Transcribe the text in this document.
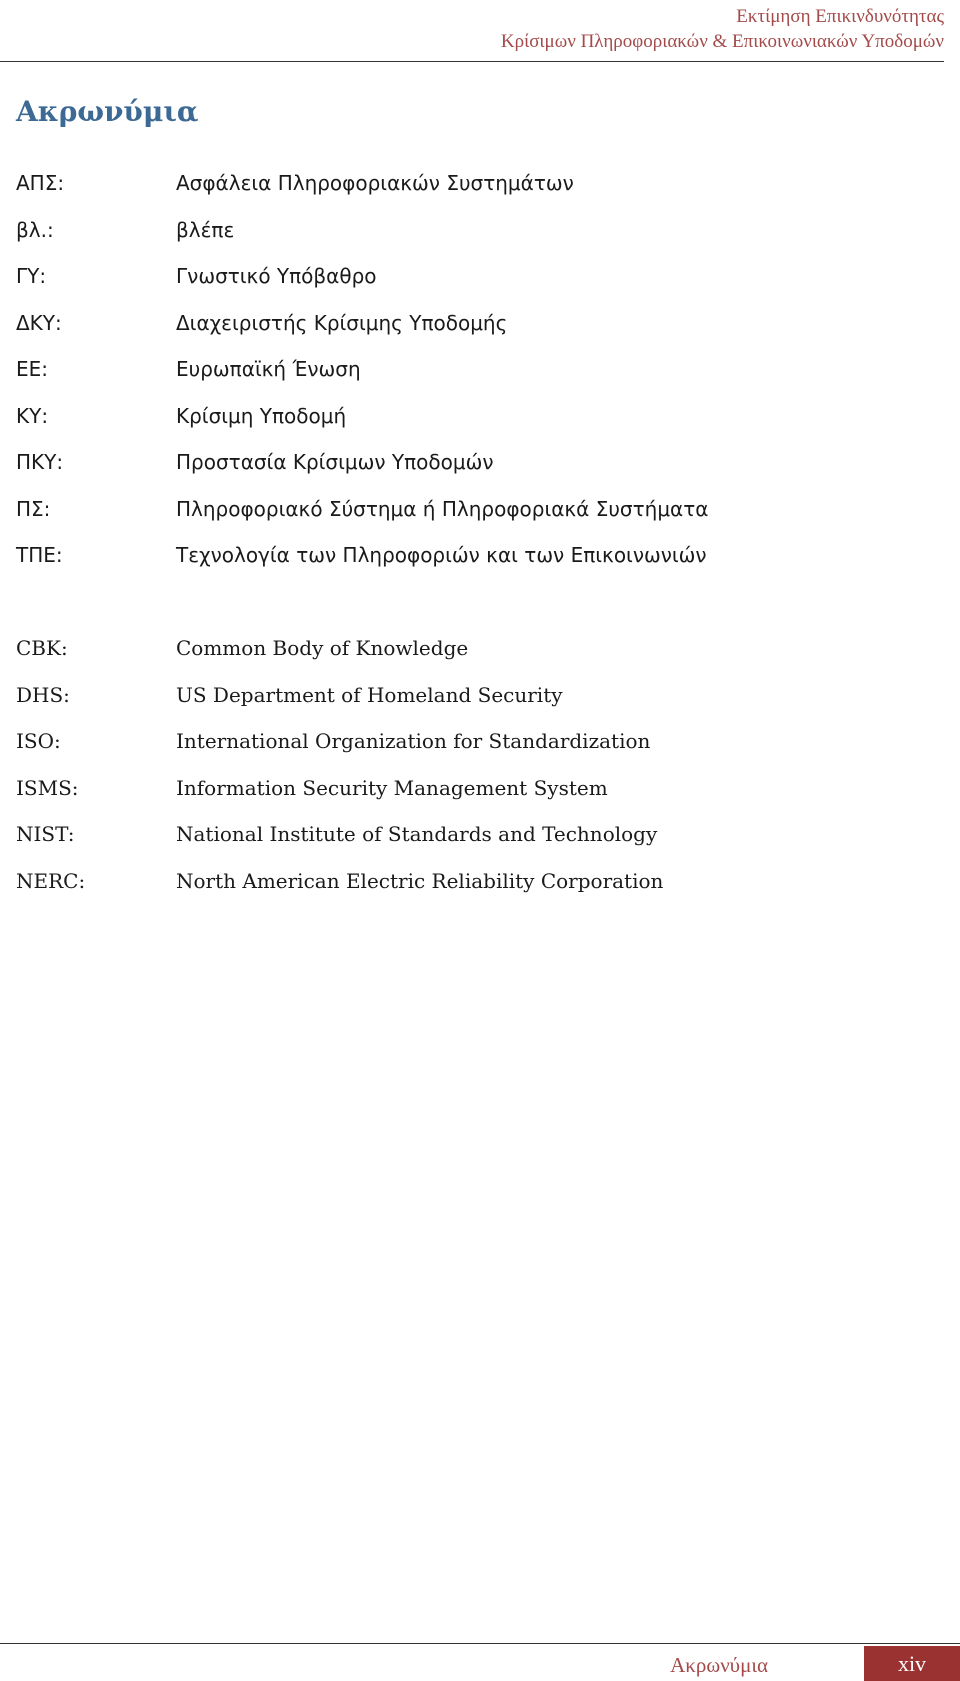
Εκτίμηση Επικινδυνότητας
Κρίσιμων Πληροφοριακών & Επικοινωνιακών Υποδομών
Ακρωνύμια
ΑΠΣ:	Ασφάλεια Πληροφοριακών Συστημάτων
βλ.:	βλέπε
ΓΥ:	Γνωστικό Υπόβαθρο
ΔΚΥ:	Διαχειριστής Κρίσιμης Υποδομής
ΕΕ:	Ευρωπαϊκή Ένωση
ΚΥ:	Κρίσιμη Υποδομή
ΠΚΥ:	Προστασία Κρίσιμων Υποδομών
ΠΣ:	Πληροφοριακό Σύστημα ή Πληροφοριακά Συστήματα
ΤΠΕ:	Τεχνολογία των Πληροφοριών και των Επικοινωνιών
CBK:	Common Body of Knowledge
DHS:	US Department of Homeland Security
ISO:	International Organization for Standardization
ISMS:	Information Security Management System
NIST:	National Institute of Standards and Technology
NERC:	North American Electric Reliability Corporation
Ακρωνύμια	xiv
